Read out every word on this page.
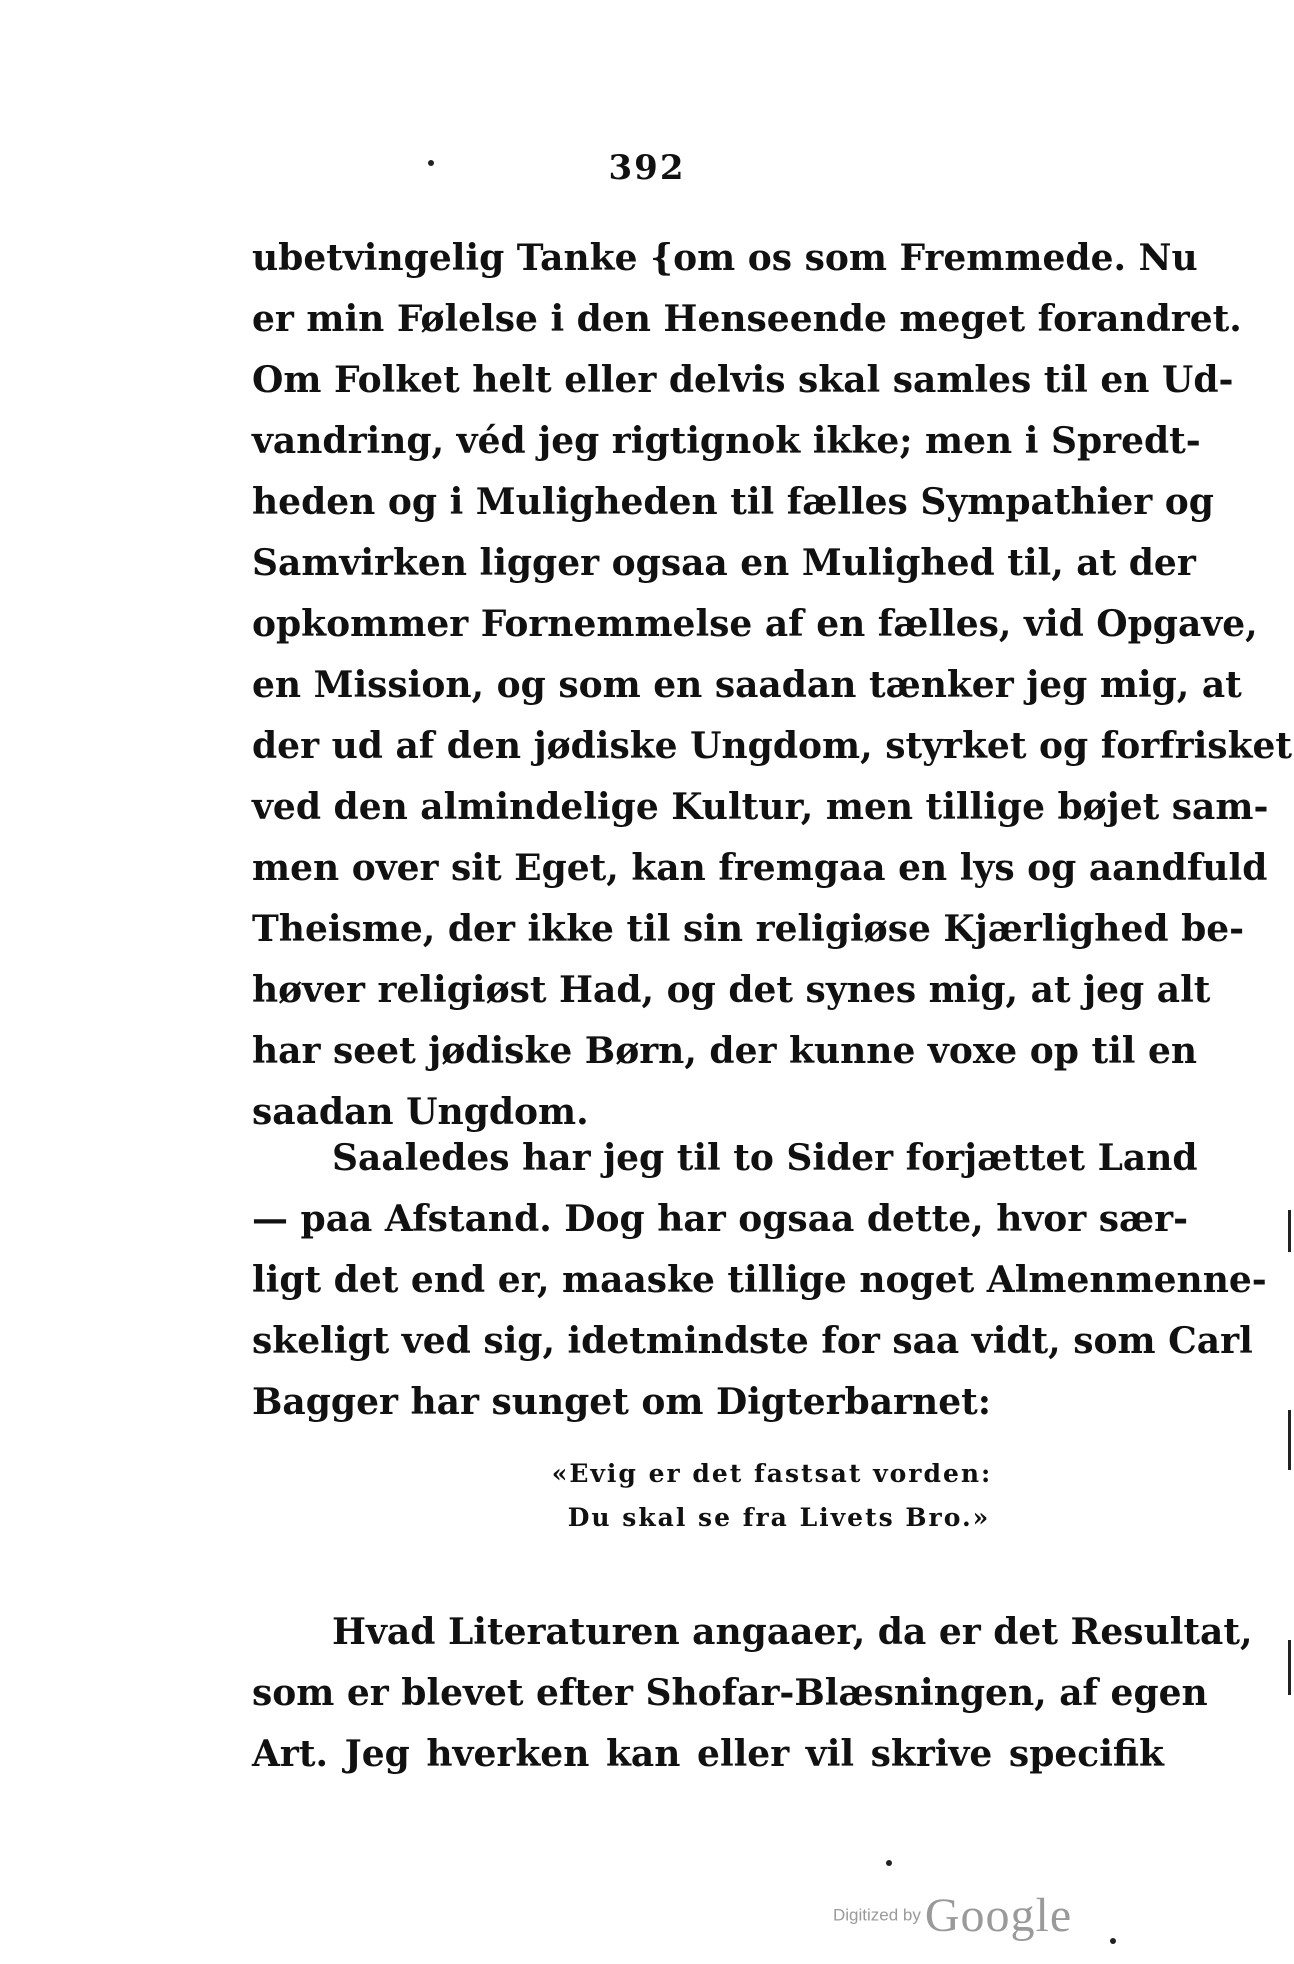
392
ubetvingelig Tanke {om os som Fremmede. Nu
er min Følelse i den Henseende meget forandret.
Om Folket helt eller delvis skal samles til en Ud-
vandring, véd jeg rigtignok ikke; men i Spredt-
heden og i Muligheden til fælles Sympathier og
Samvirken ligger ogsaa en Mulighed til, at der
opkommer Fornemmelse af en fælles, vid Opgave,
en Mission, og som en saadan tænker jeg mig, at
der ud af den jødiske Ungdom, styrket og forfrisket
ved den almindelige Kultur, men tillige bøjet sam-
men over sit Eget, kan fremgaa en lys og aandfuld
Theisme, der ikke til sin religiøse Kjærlighed be-
høver religiøst Had, og det synes mig, at jeg alt
har seet jødiske Børn, der kunne voxe op til en
saadan Ungdom.
Saaledes har jeg til to Sider forjættet Land
— paa Afstand. Dog har ogsaa dette, hvor sær-
ligt det end er, maaske tillige noget Almenmenne-
skeligt ved sig, idetmindste for saa vidt, som Carl
Bagger har sunget om Digterbarnet:
«Evig er det fastsat vorden:
Du skal se fra Livets Bro.»
Hvad Literaturen angaaer, da er det Resultat,
som er blevet efter Shofar-Blæsningen, af egen
Art. Jeg hverken kan eller vil skrive specifik
Digitized by Google
